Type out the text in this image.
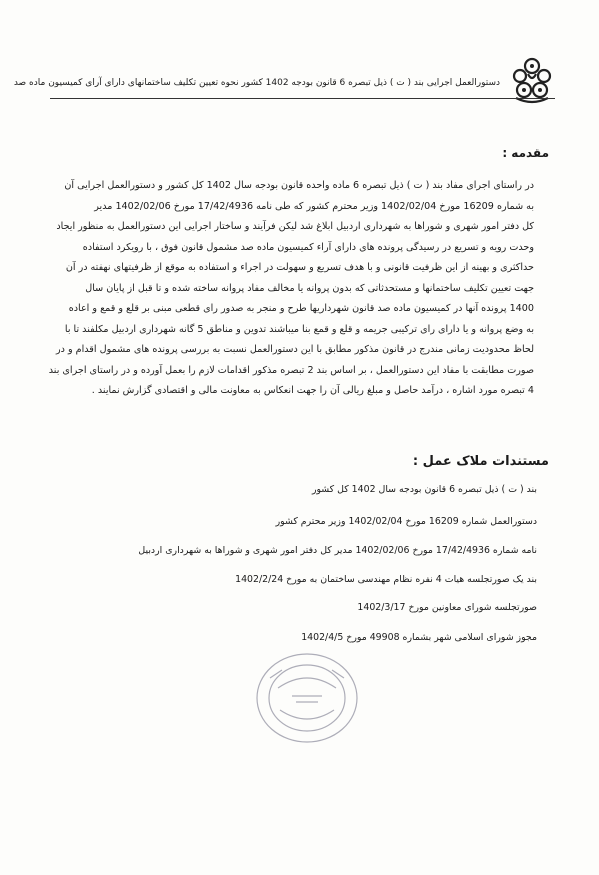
دستورالعمل اجرایی بند ( ت ) ذیل تبصره 6 قانون بودجه 1402 کشور نحوه تعیین تکلیف ساختمانهای دارای آرای کمیسیون ماده صد
مقدمه :

در راستای اجرای مفاد بند ( ت ) ذیل تبصره 6 ماده واحده قانون بودجه سال 1402 کل کشور و دستورالعمل اجرایی آن

به شماره 16209 مورخ 1402/02/04 وزیر محترم کشور که طی نامه 17/42/4936 مورخ 1402/02/06 مدیر

کل دفتر امور شهری و شوراها به شهرداری اردبیل ابلاغ شد لیکن فرآیند و ساختار اجرایی این دستورالعمل به منظور ایجاد

وحدت رویه و تسریع در رسیدگی پرونده های دارای آراء کمیسیون ماده صد مشمول قانون فوق ، با رویکرد استفاده

حداکثری و بهینه از این ظرفیت قانونی و با هدف تسریع و سهولت در اجراء و استفاده به موقع از ظرفیتهای نهفته در آن

جهت تعیین تکلیف ساختمانها و مستحدثاتی که بدون پروانه یا مخالف مفاد پروانه ساخته شده و تا قبل از پایان سال

1400 پرونده آنها در کمیسیون ماده صد قانون شهرداریها طرح و منجر به صدور رای قطعی مبنی بر قلع و قمع و اعاده

به وضع پروانه و یا دارای رای ترکیبی جریمه و قلع و قمع بنا میباشند تدوین و مناطق 5 گانه شهرداری اردبیل مکلفند تا با

لحاظ محدودیت زمانی مندرج در قانون مذکور مطابق با این دستورالعمل نسبت به بررسی پرونده های مشمول اقدام و در

صورت مطابقت با مفاد این دستورالعمل ، بر اساس بند 2 تبصره مذکور اقدامات لازم را بعمل آورده و در راستای اجرای بند

4 تبصره مورد اشاره ، درآمد حاصل و مبلغ ریالی آن را جهت انعکاس به معاونت مالی و اقتصادی گزارش نمایند .

مستندات ملاک عمل :
بند ( ت ) ذیل تبصره 6 قانون بودجه سال 1402 کل کشور
دستورالعمل شماره 16209 مورخ 1402/02/04 وزیر محترم کشور
نامه شماره 17/42/4936 مورخ 1402/02/06 مدیر کل دفتر امور شهری و شوراها به شهرداری اردبیل
بند یک صورتجلسه هیات 4 نفره نظام مهندسی ساختمان به مورخ 1402/2/24
صورتجلسه شورای معاونین مورخ 1402/3/17
مجوز شورای اسلامی شهر بشماره 49908 مورخ 1402/4/5
